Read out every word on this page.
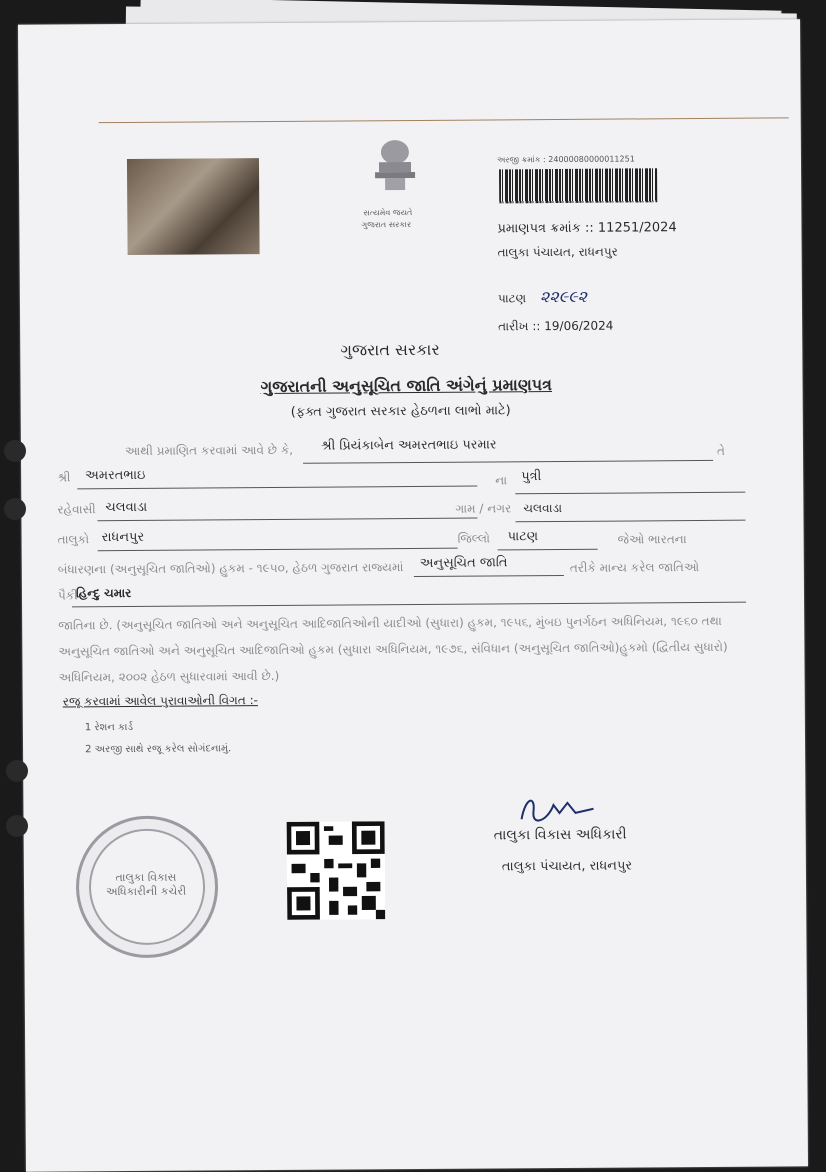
સત્યમેવ જયતે
ગુજરાત સરકાર
અરજી ક્રમાંક : 24000080000011251
પ્રમાણપત્ર ક્રમાંક :: 11251/2024
તાલુકા પંચાયત, રાધનપુર
પાટણ ૨૨૯૯૨
તારીખ :: 19/06/2024
ગુજરાત સરકાર
ગુજરાતની અનુસૂચિત જાતિ અંગેનું પ્રમાણપત્ર
(ફક્ત ગુજરાત સરકાર હેઠળના લાભો માટે)
આથી પ્રમાણિત કરવામાં આવે છે કે, શ્રી પ્રિયંકાબેન અમરતભાઇ પરમાર	તે
શ્રી અમરતભાઇ	ના પુત્રી
રહેવાસી ચલવાડા	ગામ / નગર ચલવાડા
તાલુકો રાધનપુર	જિલ્લો પાટણ	જેઓ ભારતના
બંધારણના (અનુસૂચિત જાતિઓ) હુકમ - ૧૯૫૦, હેઠળ ગુજરાત રાજ્યમાં અનુસૂચિત જાતિ	તરીકે માન્ય કરેલ જાતિઓ
પૈકી
હિન્દુ ચમાર
જાતિના છે. (અનુસૂચિત જાતિઓ અને અનુસૂચિત આદિજાતિઓની યાદીઓ (સુધારા) હુકમ, ૧૯૫૬, મુંબઇ પુનર્ગઠન અધિનિયમ, ૧૯૬૦ તથા
અનુસૂચિત જાતિઓ અને અનુસૂચિત આદિજાતિઓ હુકમ (સુધારા અધિનિયમ, ૧૯૭૬, સંવિધાન (અનુસૂચિત જાતિઓ)હુકમો (દ્વિતીય સુધારો)
અધિનિયમ, ૨૦૦૨ હેઠળ સુધારવામાં આવી છે.)
રજૂ કરવામાં આવેલ પુરાવાઓની વિગત :-
1 રેશન કાર્ડ
2 અરજી સાથે રજૂ કરેલ સોગંદનામું.
તાલુકા વિકાસ અધિકારીની કચેરી
તાલુકા વિકાસ અધિકારી
તાલુકા પંચાયત, રાધનપુર
